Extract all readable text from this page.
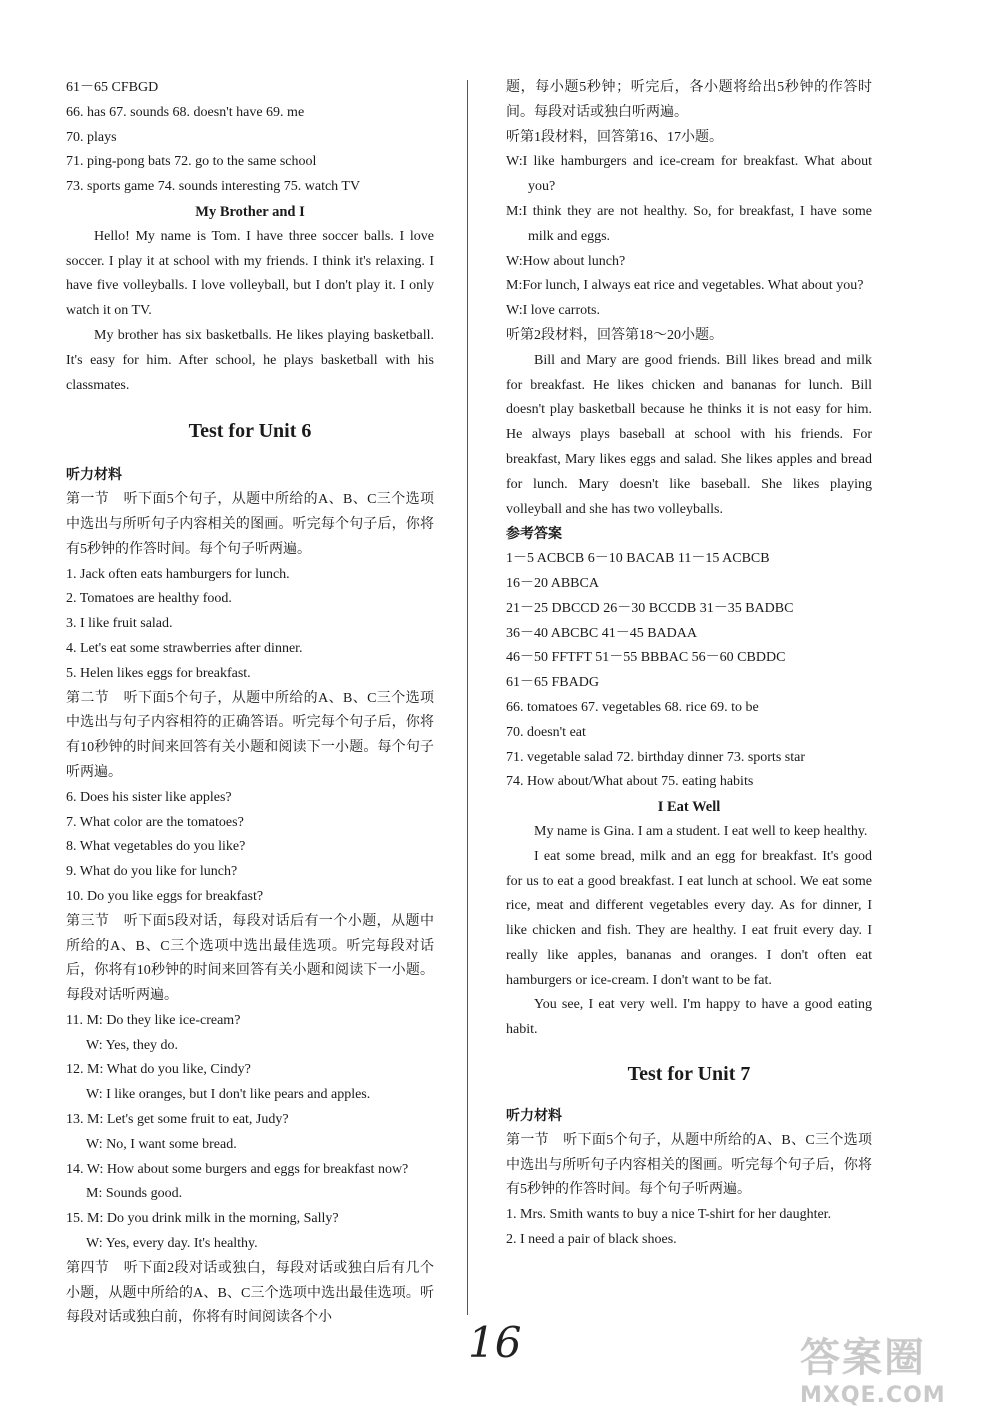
61－65 CFBGD
66. has 67. sounds 68. doesn't have 69. me
70. plays
71. ping-pong bats 72. go to the same school
73. sports game 74. sounds interesting 75. watch TV
My Brother and I
Hello! My name is Tom. I have three soccer balls. I love soccer. I play it at school with my friends. I think it's relaxing. I have five volleyballs. I love volleyball, but I don't play it. I only watch it on TV.
My brother has six basketballs. He likes playing basketball. It's easy for him. After school, he plays basketball with his classmates.
Test for Unit 6
听力材料
第一节　听下面5个句子，从题中所给的A、B、C三个选项中选出与所听句子内容相关的图画。听完每个句子后，你将有5秒钟的作答时间。每个句子听两遍。
1. Jack often eats hamburgers for lunch.
2. Tomatoes are healthy food.
3. I like fruit salad.
4. Let's eat some strawberries after dinner.
5. Helen likes eggs for breakfast.
第二节　听下面5个句子，从题中所给的A、B、C三个选项中选出与句子内容相符的正确答语。听完每个句子后，你将有10秒钟的时间来回答有关小题和阅读下一小题。每个句子听两遍。
6. Does his sister like apples?
7. What color are the tomatoes?
8. What vegetables do you like?
9. What do you like for lunch?
10. Do you like eggs for breakfast?
第三节　听下面5段对话，每段对话后有一个小题，从题中所给的A、B、C三个选项中选出最佳选项。听完每段对话后，你将有10秒钟的时间来回答有关小题和阅读下一小题。每段对话听两遍。
11. M: Do they like ice-cream?
W: Yes, they do.
12. M: What do you like, Cindy?
W: I like oranges, but I don't like pears and apples.
13. M: Let's get some fruit to eat, Judy?
W: No, I want some bread.
14. W: How about some burgers and eggs for breakfast now?
M: Sounds good.
15. M: Do you drink milk in the morning, Sally?
W: Yes, every day. It's healthy.
第四节　听下面2段对话或独白，每段对话或独白后有几个小题，从题中所给的A、B、C三个选项中选出最佳选项。听每段对话或独白前，你将有时间阅读各个小
题，每小题5秒钟；听完后，各小题将给出5秒钟的作答时间。每段对话或独白听两遍。
听第1段材料，回答第16、17小题。
W:I like hamburgers and ice-cream for breakfast. What about you?
M:I think they are not healthy. So, for breakfast, I have some milk and eggs.
W:How about lunch?
M:For lunch, I always eat rice and vegetables. What about you?
W:I love carrots.
听第2段材料，回答第18～20小题。
Bill and Mary are good friends. Bill likes bread and milk for breakfast. He likes chicken and bananas for lunch. Bill doesn't play basketball because he thinks it is not easy for him. He always plays baseball at school with his friends. For breakfast, Mary likes eggs and salad. She likes apples and bread for lunch. Mary doesn't like baseball. She likes playing volleyball and she has two volleyballs.
参考答案
1－5 ACBCB 6－10 BACAB 11－15 ACBCB
16－20 ABBCA
21－25 DBCCD 26－30 BCCDB 31－35 BADBC
36－40 ABCBC 41－45 BADAA
46－50 FFTFT 51－55 BBBAC 56－60 CBDDC
61－65 FBADG
66. tomatoes 67. vegetables 68. rice 69. to be
70. doesn't eat
71. vegetable salad 72. birthday dinner 73. sports star
74. How about/What about 75. eating habits
I Eat Well
My name is Gina. I am a student. I eat well to keep healthy.
I eat some bread, milk and an egg for breakfast. It's good for us to eat a good breakfast. I eat lunch at school. We eat some rice, meat and different vegetables every day. As for dinner, I like chicken and fish. They are healthy. I eat fruit every day. I really like apples, bananas and oranges. I don't often eat hamburgers or ice-cream. I don't want to be fat.
You see, I eat very well. I'm happy to have a good eating habit.
Test for Unit 7
听力材料
第一节　听下面5个句子，从题中所给的A、B、C三个选项中选出与所听句子内容相关的图画。听完每个句子后，你将有5秒钟的作答时间。每个句子听两遍。
1. Mrs. Smith wants to buy a nice T-shirt for her daughter.
2. I need a pair of black shoes.
16	答案圈
MXQE.COM
